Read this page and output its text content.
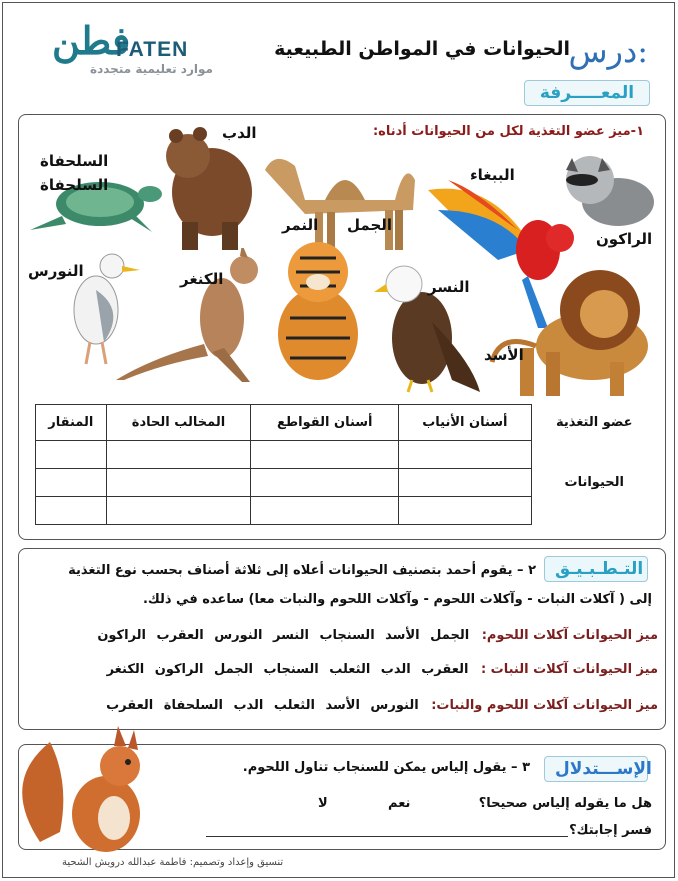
فطن
FATEN
موارد تعليمية متجددة	درس:
الحيوانات في المواطن الطبيعية
المعـــــرفة
١-ميز عضو التغذية لكل من الحيوانات أدناه:
الدب
السلحفاة
السلحفاة
الجمل
الببغاء
الراكون
النمر
النورس	الكنغر	النسر
الأسد
عضو التغذية	أسنان الأنياب	أسنان القواطع	المخالب الحادة	المنقار
الحيوانات				

التـطـبـيـق
٢ – يقوم أحمد بتصنيف الحيوانات أعلاه إلى ثلاثة أصناف بحسب نوع التغذية
إلى ( آكلات النبات - وآكلات اللحوم - وآكلات اللحوم والنبات معا) ساعده في ذلك.
ميز الحيوانات آكلات اللحوم: الجمل الأسد السنجاب النسر النورس العقرب الراكون
ميز الحيوانات آكلات النبات : العقرب الدب الثعلب السنجاب الجمل الراكون الكنغر
ميز الحيوانات آكلات اللحوم والنبات: النورس الأسد الثعلب الدب السلحفاة العقرب
الإســـتدلال
٣ – يقول إلياس يمكن للسنجاب تناول اللحوم.
هل ما يقوله إلياس صحيحا؟
نعم
لا
فسر إجابتك؟
تنسيق وإعداد وتصميم: فاطمة عبدالله درويش الشحية
